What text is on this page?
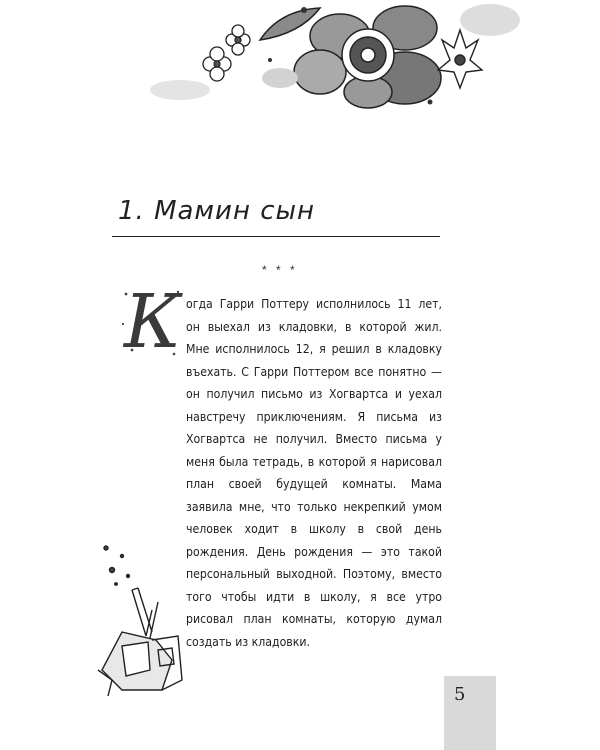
1. Мамин сын
* * *
К огда Гарри Поттеру исполнилось 11 лет, он выехал из кладовки, в которой жил. Мне исполнилось 12, я решил в кладовку въехать. С Гарри Поттером все понятно — он получил письмо из Хогвартса и уехал навстречу приключениям. Я письма из Хогвартса не получил. Вместо письма у меня была тетрадь, в которой я нарисовал план своей будущей комнаты. Мама заявила мне, что только некрепкий умом человек ходит в школу в свой день рождения. День рождения — это такой персональный выходной. Поэтому, вместо того чтобы идти в школу, я все утро рисовал план комнаты, которую думал создать из кладовки.

5
